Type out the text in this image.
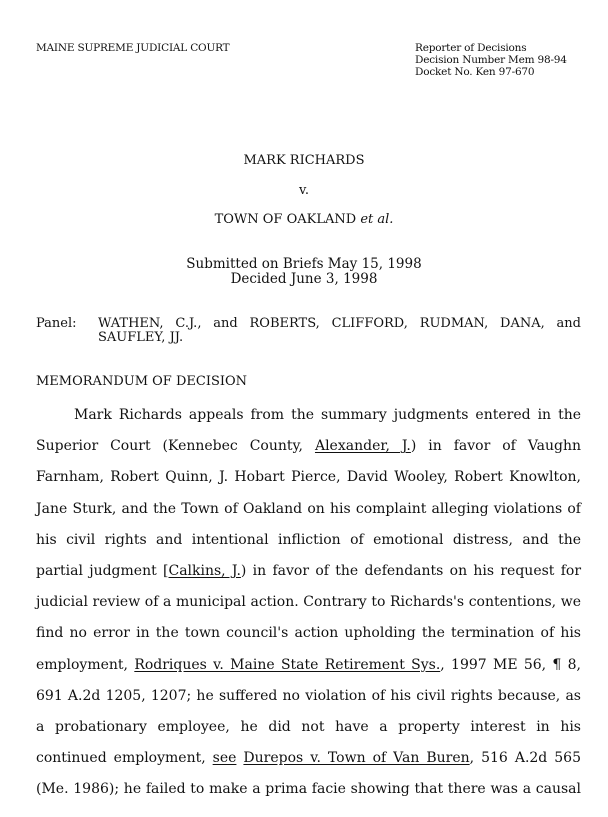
MAINE SUPREME JUDICIAL COURT	Reporter of Decisions
Decision Number Mem 98-94
Docket No. Ken 97-670
MARK RICHARDS
v.
TOWN OF OAKLAND et al.
Submitted on Briefs May 15, 1998
Decided June 3, 1998
Panel: WATHEN, C.J., and ROBERTS, CLIFFORD, RUDMAN, DANA, and SAUFLEY, JJ.
MEMORANDUM OF DECISION
Mark Richards appeals from the summary judgments entered in the
Superior Court (Kennebec County, Alexander, J.) in favor of Vaughn
Farnham, Robert Quinn, J. Hobart Pierce, David Wooley, Robert Knowlton,
Jane Sturk, and the Town of Oakland on his complaint alleging violations of
his civil rights and intentional infliction of emotional distress, and the
partial judgment [Calkins, J.) in favor of the defendants on his request for
judicial review of a municipal action. Contrary to Richards's contentions, we
find no error in the town council's action upholding the termination of his
employment, Rodriques v. Maine State Retirement Sys., 1997 ME 56, ¶ 8,
691 A.2d 1205, 1207; he suffered no violation of his civil rights because, as
a probationary employee, he did not have a property interest in his
continued employment, see Durepos v. Town of Van Buren, 516 A.2d 565
(Me. 1986); he failed to make a prima facie showing that there was a causal
